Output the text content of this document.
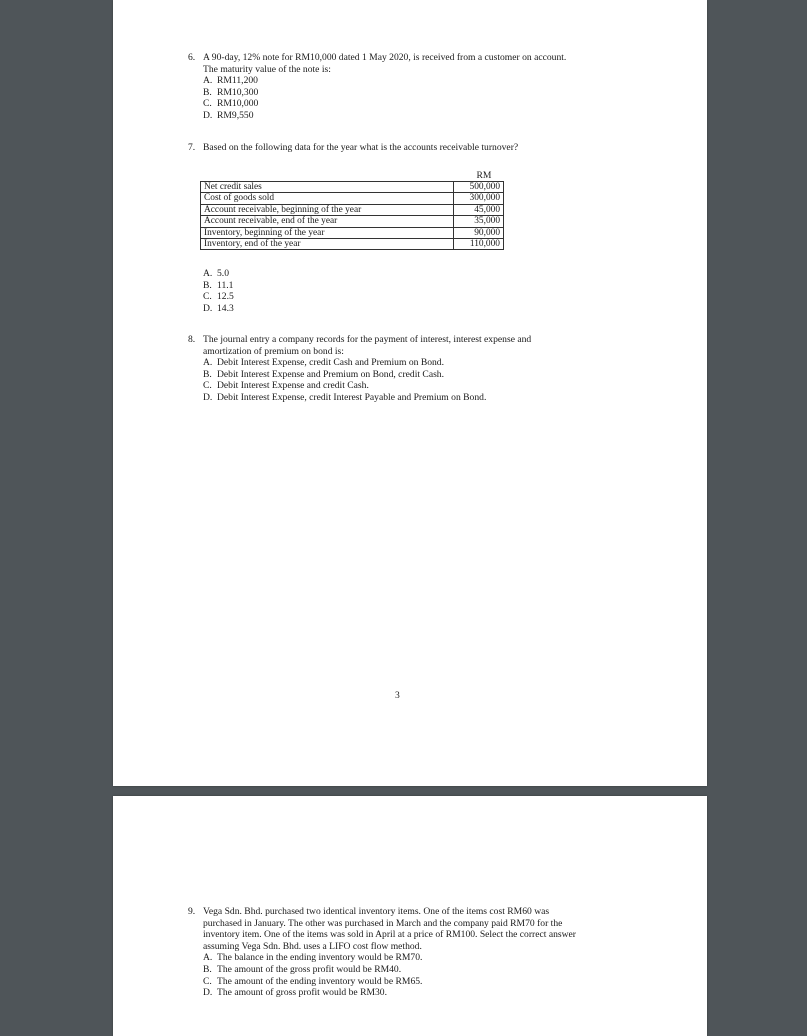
6. A 90-day, 12% note for RM10,000 dated 1 May 2020, is received from a customer on account.
The maturity value of the note is:
A. RM11,200
B. RM10,300
C. RM10,000
D. RM9,550
7. Based on the following data for the year what is the accounts receivable turnover?
RM
Net credit sales	500,000
Cost of goods sold	300,000
Account receivable, beginning of the year	45,000
Account receivable, end of the year	35,000
Inventory, beginning of the year	90,000
Inventory, end of the year	110,000
A. 5.0
B. 11.1
C. 12.5
D. 14.3
8. The journal entry a company records for the payment of interest, interest expense and
amortization of premium on bond is:
A. Debit Interest Expense, credit Cash and Premium on Bond.
B. Debit Interest Expense and Premium on Bond, credit Cash.
C. Debit Interest Expense and credit Cash.
D. Debit Interest Expense, credit Interest Payable and Premium on Bond.
3
9. Vega Sdn. Bhd. purchased two identical inventory items. One of the items cost RM60 was
purchased in January. The other was purchased in March and the company paid RM70 for the
inventory item. One of the items was sold in April at a price of RM100. Select the correct answer
assuming Vega Sdn. Bhd. uses a LIFO cost flow method.
A. The balance in the ending inventory would be RM70.
B. The amount of the gross profit would be RM40.
C. The amount of the ending inventory would be RM65.
D. The amount of gross profit would be RM30.
